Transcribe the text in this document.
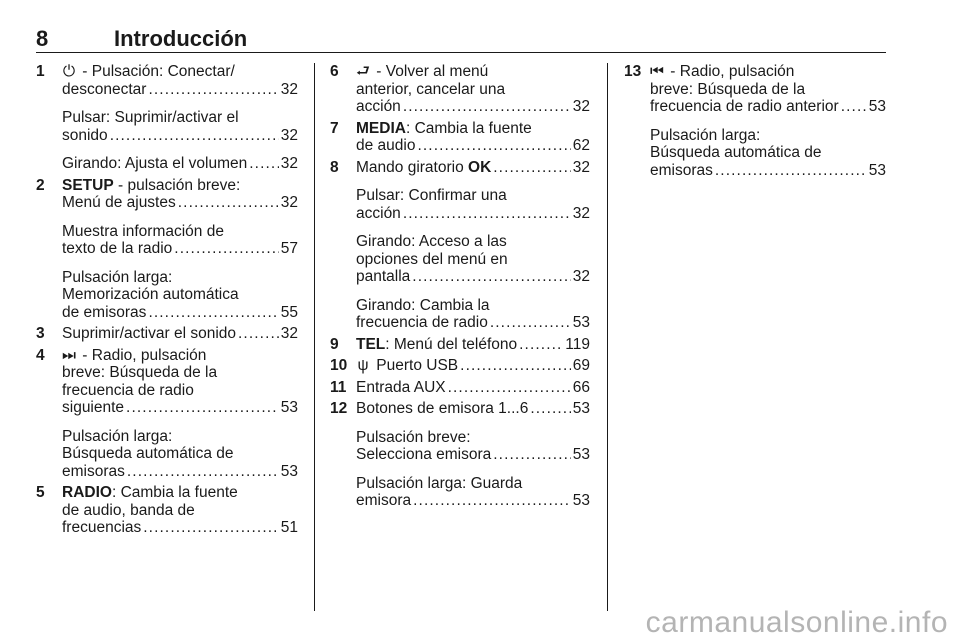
8	Introducción
1 ⏻ - Pulsación: Conectar/
desconectar . . .	32
Pulsar: Suprimir/activar el
sonido . . .	32
Girando: Ajusta el volumen . . . 32
2 SETUP - pulsación breve:
Menú de ajustes . . .	32
Muestra información de
texto de la radio . . .	57
Pulsación larga:
Memorización automática
de emisoras . . .	55
3 Suprimir/activar el sonido . . .	32
4 ⏭ - Radio, pulsación
breve: Búsqueda de la
frecuencia de radio
siguiente . . .	53
Pulsación larga:
Búsqueda automática de
emisoras . . .	53
5 RADIO: Cambia la fuente
de audio, banda de
frecuencias . . .	51
6 ⮐ - Volver al menú
anterior, cancelar una
acción . . .	32
7 MEDIA: Cambia la fuente
de audio . . .	62
8 Mando giratorio OK . . .	32
Pulsar: Confirmar una
acción . . .	32
Girando: Acceso a las
opciones del menú en
pantalla . . .	32
Girando: Cambia la
frecuencia de radio . . .	53
9 TEL: Menú del teléfono . . .	119
10 ψ Puerto USB . . .	69
11 Entrada AUX . . .	66
12 Botones de emisora 1...6 . . .	53
Pulsación breve:
Selecciona emisora . . .	53
Pulsación larga: Guarda
emisora . . .	53
13 ⏮ - Radio, pulsación
breve: Búsqueda de la
frecuencia de radio anterior . . . 53
Pulsación larga:
Búsqueda automática de
emisoras . . .	53
carmanualsonline.info
